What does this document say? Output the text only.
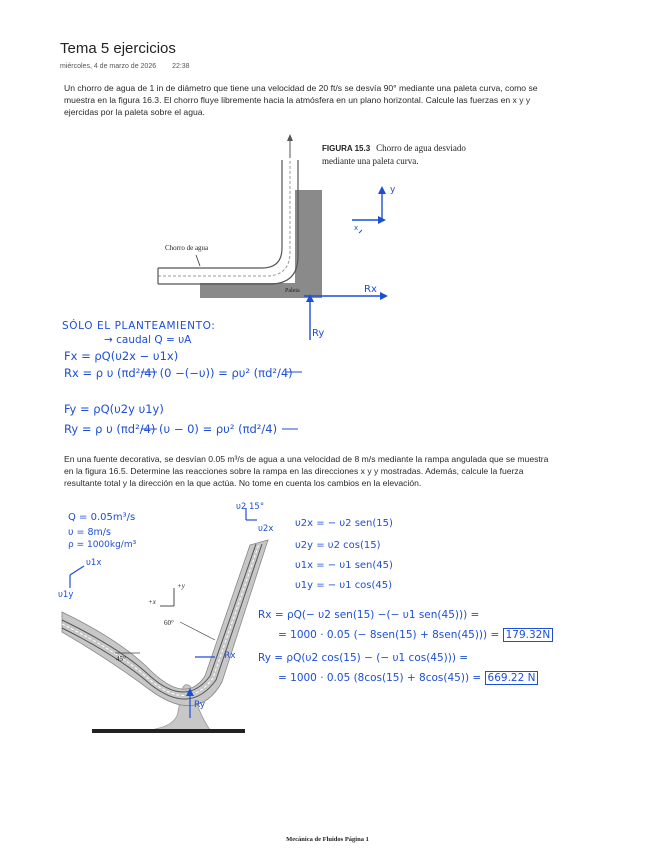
Tema 5 ejercicios
miércoles, 4 de marzo de 2026 22:38
Un chorro de agua de 1 in de diámetro que tiene una velocidad de 20 ft/s se desvía 90° mediante una paleta curva, como se muestra en la figura 16.3. El chorro fluye libremente hacia la atmósfera en un plano horizontal. Calcule las fuerzas en x y y ejercidas por la paleta sobre el agua.
FIGURA 15.3 Chorro de agua desviado mediante una paleta curva.
Chorro de agua
Paleta
y
x
Rx
Ry
SÓLO EL PLANTEAMIENTO:
→ caudal Q = υA
Fx = ρQ(υ2x − υ1x)
Rx = ρ υ (πd²/4) (0 −(−υ)) = ρυ² (πd²/4)
Fy = ρQ(υ2y υ1y)
Ry = ρ υ (πd²/4) (υ − 0) = ρυ² (πd²/4)
En una fuente decorativa, se desvían 0.05 m³/s de agua a una velocidad de 8 m/s mediante la rampa angulada que se muestra en la figura 16.5. Determine las reacciones sobre la rampa en las direcciones x y y mostradas. Además, calcule la fuerza resultante total y la dirección en la que actúa. No tome en cuenta los cambios en la elevación.
Q = 0.05m³/s
υ = 8m/s
ρ = 1000kg/m³
υ2 15°
υ2x
υ1x
υ1y
60°
45°
+y
+x
Rx
Ry
υ2x = − υ2 sen(15)
υ2y = υ2 cos(15)
υ1x = − υ1 sen(45)
υ1y = − υ1 cos(45)
Rx = ρQ(− υ2 sen(15) −(− υ1 sen(45))) =
= 1000 · 0.05 (− 8sen(15) + 8sen(45))) = 179.32N
Ry = ρQ(υ2 cos(15) − (− υ1 cos(45))) =
= 1000 · 0.05 (8cos(15) + 8cos(45)) = 669.22 N
Mecánica de Fluidos Página 1
